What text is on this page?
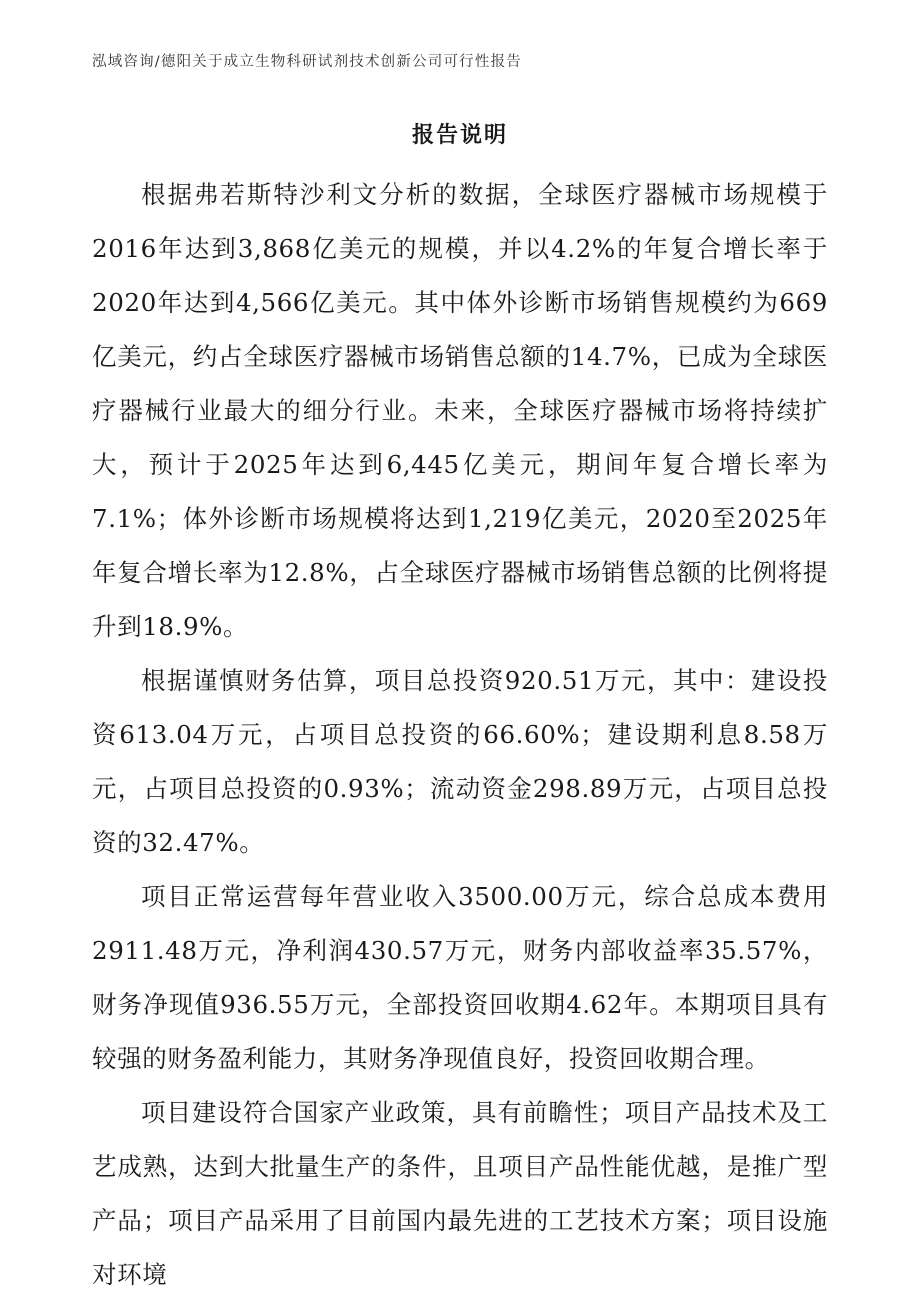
泓域咨询/德阳关于成立生物科研试剂技术创新公司可行性报告
报告说明

根据弗若斯特沙利文分析的数据，全球医疗器械市场规模于2016年达到3,868亿美元的规模，并以4.2%的年复合增长率于2020年达到4,566亿美元。其中体外诊断市场销售规模约为669亿美元，约占全球医疗器械市场销售总额的14.7%，已成为全球医疗器械行业最大的细分行业。未来，全球医疗器械市场将持续扩大，预计于2025年达到6,445亿美元，期间年复合增长率为7.1%；体外诊断市场规模将达到1,219亿美元，2020至2025年年复合增长率为12.8%，占全球医疗器械市场销售总额的比例将提升到18.9%。

根据谨慎财务估算，项目总投资920.51万元，其中：建设投资613.04万元，占项目总投资的66.60%；建设期利息8.58万元，占项目总投资的0.93%；流动资金298.89万元，占项目总投资的32.47%。

项目正常运营每年营业收入3500.00万元，综合总成本费用2911.48万元，净利润430.57万元，财务内部收益率35.57%，财务净现值936.55万元，全部投资回收期4.62年。本期项目具有较强的财务盈利能力，其财务净现值良好，投资回收期合理。

项目建设符合国家产业政策，具有前瞻性；项目产品技术及工艺成熟，达到大批量生产的条件，且项目产品性能优越，是推广型产品；项目产品采用了目前国内最先进的工艺技术方案；项目设施对环境
